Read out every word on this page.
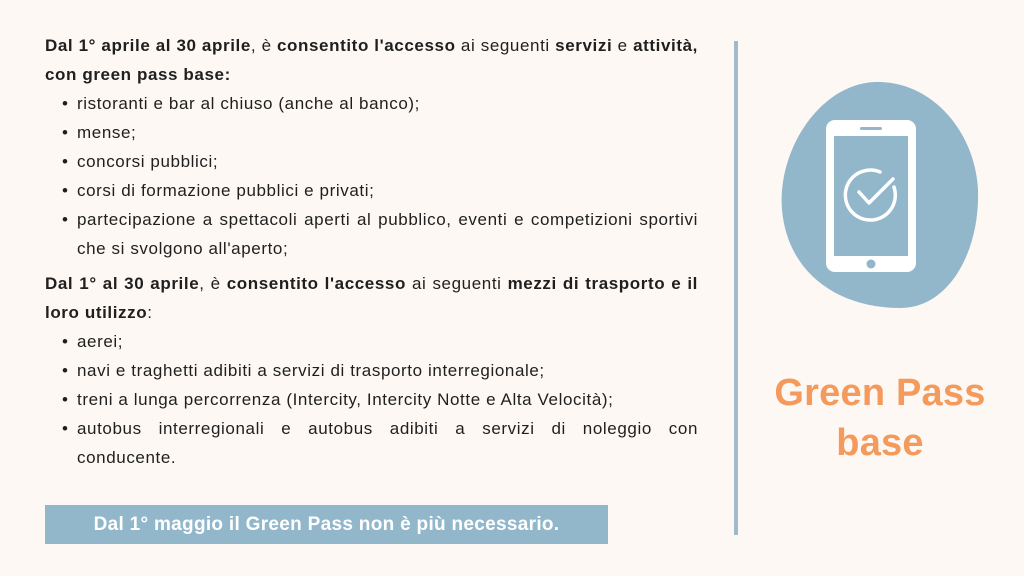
Dal 1° aprile al 30 aprile, è consentito l'accesso ai seguenti servizi e attività, con green pass base:

• ristoranti e bar al chiuso (anche al banco);
• mense;
• concorsi pubblici;
• corsi di formazione pubblici e privati;
• partecipazione a spettacoli aperti al pubblico, eventi e competizioni sportivi che si svolgono all'aperto;

Dal 1° al 30 aprile, è consentito l'accesso ai seguenti mezzi di trasporto e il loro utilizzo:

• aerei;
• navi e traghetti adibiti a servizi di trasporto interregionale;
• treni a lunga percorrenza (Intercity, Intercity Notte e Alta Velocità);
• autobus interregionali e autobus adibiti a servizi di noleggio con conducente.
Dal 1° maggio il Green Pass non è più necessario.
Green Pass
base
